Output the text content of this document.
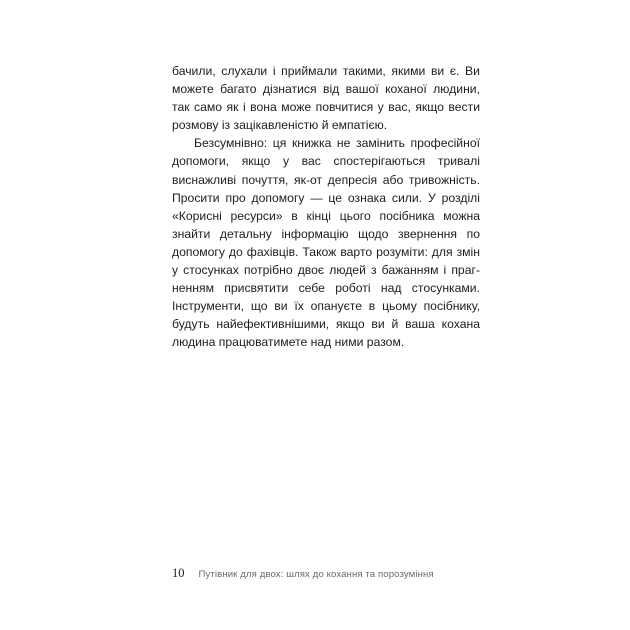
бачили, слухали і приймали такими, якими ви є. Ви можете багато дізнатися від вашої коханої людини, так само як і вона може повчитися у вас, якщо вести розмову із зацікавленістю й емпатією.

Безсумнівно: ця книжка не замінить професійної допомоги, якщо у вас спостерігаються тривалі виснажливі почуття, як-от депресія або тривожність. Просити про допомогу — це ознака сили. У розділі «Корисні ресурси» в кінці цього посібника можна знайти детальну інформацію щодо звернення по допомогу до фахівців. Також варто розуміти: для змін у стосунках потрібно двоє людей з бажанням і прагненням присвятити себе роботі над стосунками. Інструменти, що ви їх опануєте в цьому посібнику, будуть найефективнішими, якщо ви й ваша кохана людина працюватимете над ними разом.

10 Путівник для двох: шлях до кохання та порозуміння
